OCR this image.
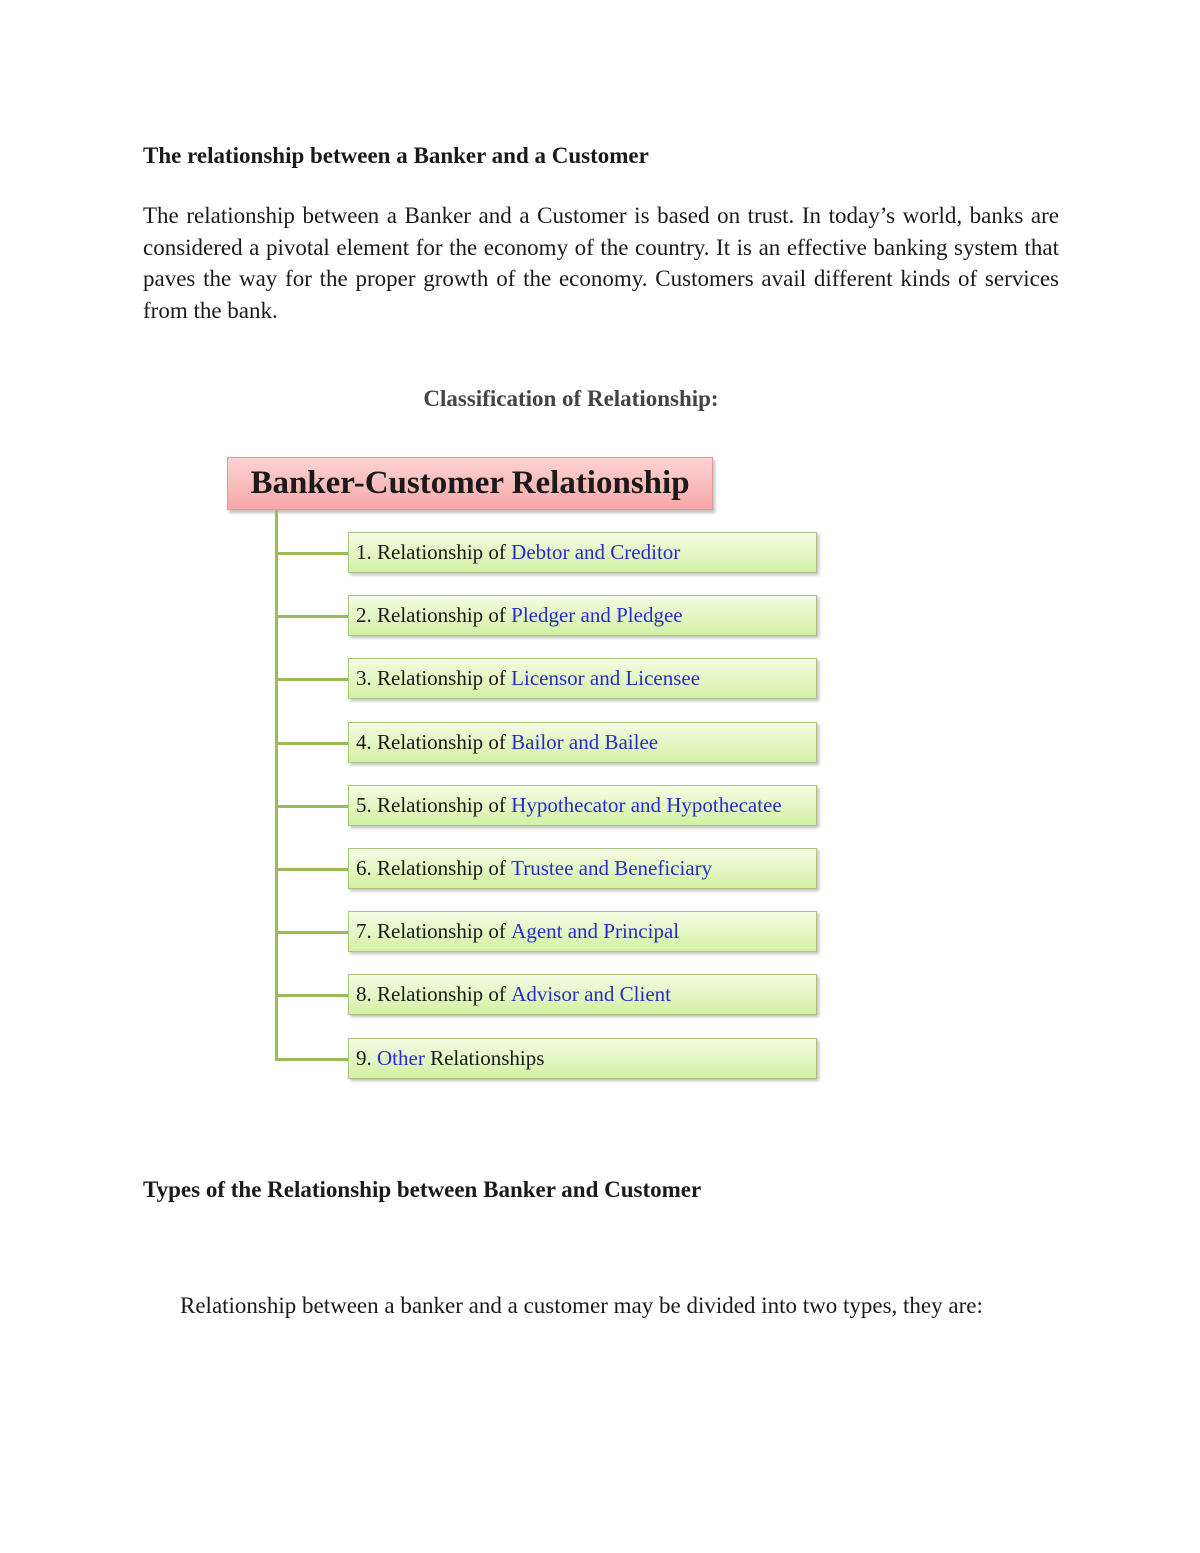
The relationship between a Banker and a Customer

The relationship between a Banker and a Customer is based on trust. In today’s world, banks are considered a pivotal element for the economy of the country. It is an effective banking system that paves the way for the proper growth of the economy. Customers avail different kinds of services from the bank.

Classification of Relationship:
Banker-Customer Relationship
1. Relationship of Debtor and Creditor
2. Relationship of Pledger and Pledgee
3. Relationship of Licensor and Licensee
4. Relationship of Bailor and Bailee
5. Relationship of Hypothecator and Hypothecatee
6. Relationship of Trustee and Beneficiary
7. Relationship of Agent and Principal
8. Relationship of Advisor and Client
9. Other Relationships
Types of the Relationship between Banker and Customer

Relationship between a banker and a customer may be divided into two types, they are:
